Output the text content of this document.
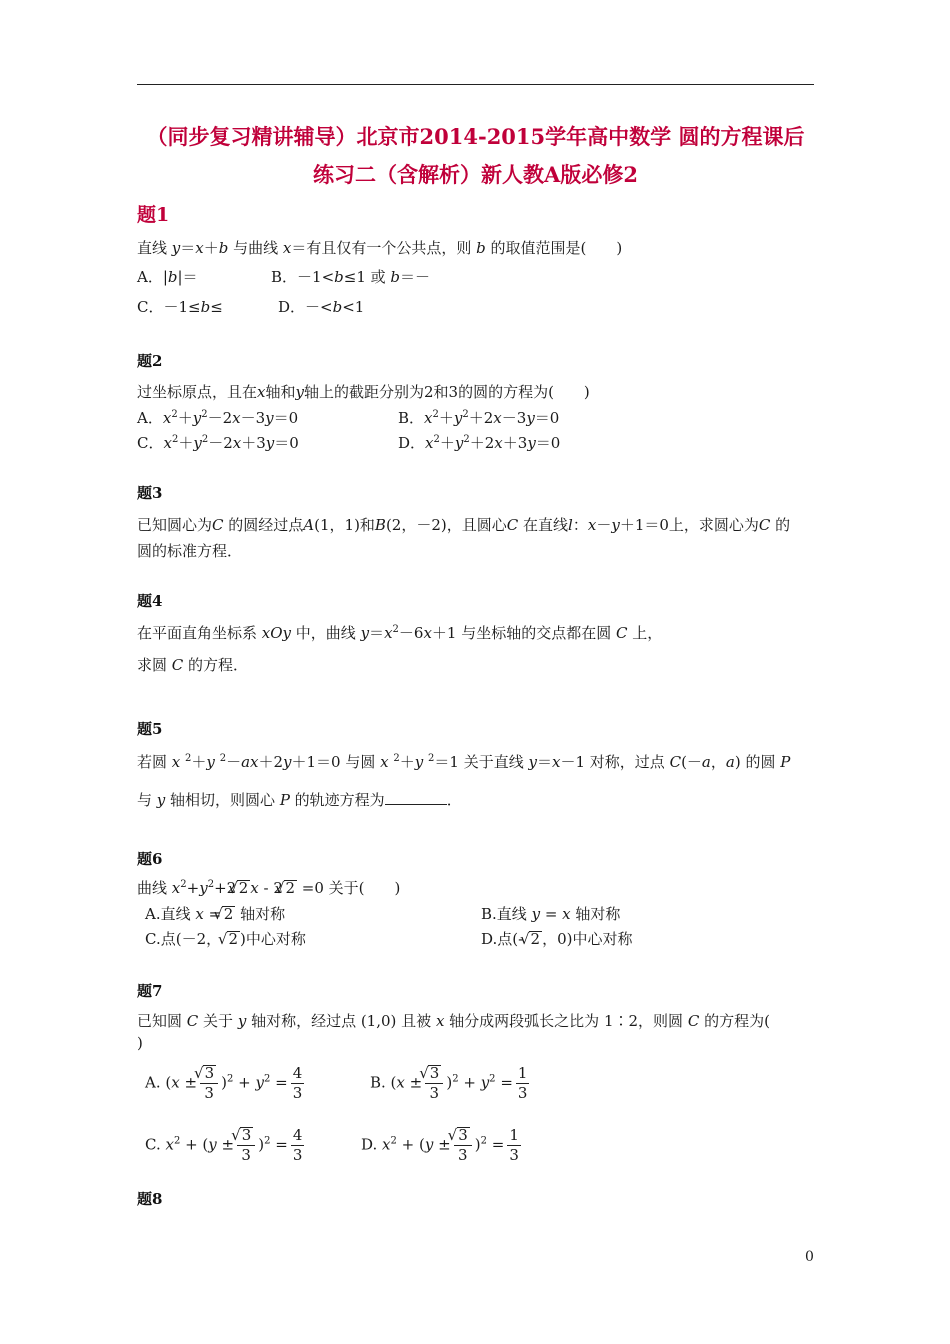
（同步复习精讲辅导）北京市2014-2015学年高中数学 圆的方程课后
练习二（含解析）新人教A版必修2
题1
直线 y＝x＋b 与曲线 x＝有且仅有一个公共点，则 b 的取值范围是(　　)
A．|b|＝	B．－1<b≤1 或 b＝－
C．－1≤b≤	D．－<b<1
题2
过坐标原点，且在x轴和y轴上的截距分别为2和3的圆的方程为(　　)
A．$x^2+y^2-2x-3y=0$	B．$x^2+y^2+2x-3y=0$
C．$x^2+y^2-2x+3y=0$	D．$x^2+y^2+2x+3y=0$
题3
已知圆心为C 的圆经过点A(1，1)和B(2，－2)，且圆心C 在直线l：x－y＋1＝0上，求圆心为C 的
圆的标准方程．
题4
在平面直角坐标系 xOy 中，曲线 $y=x^2-6x+1$ 与坐标轴的交点都在圆 C 上，
求圆 C 的方程．
题5
若圆 x $^2$＋y $^2$－ax＋2y＋1＝0 与圆 x $^2$＋y $^2$＝1 关于直线 y＝x－1 对称，过点 C(－a，a) 的圆 P
与 y 轴相切，则圆心 P 的轨迹方程为	．
题6
曲线 $x^2+y^2+2√$ 2 x - 2√ 2 =0 关于(　　)
A.直线 x =√ 2 轴对称	B.直线 y = x 轴对称
C.点(－2， √ 2 )中心对称	D.点(- √ 2 ，0)中心对称
题7
已知圆 C 关于 y 轴对称，经过点 (1,0) 且被 x 轴分成两段弧长之比为 1∶2，则圆 C 的方程为(
)
A. (x ±
√ $\frac{3}{3} )^2 + y^2 = \frac{4}{3}$	B. (x ±
√ $\frac{3}{3} )^2 + y^2 = \frac{1}{3}$
C. $x^2 + (y$ ±
√ $\frac{3}{3} )^2 = \frac{4}{3}$	D. $x^2 + (y$ ±
√ $\frac{3}{3} )^2 = \frac{1}{3}$
题8
0
